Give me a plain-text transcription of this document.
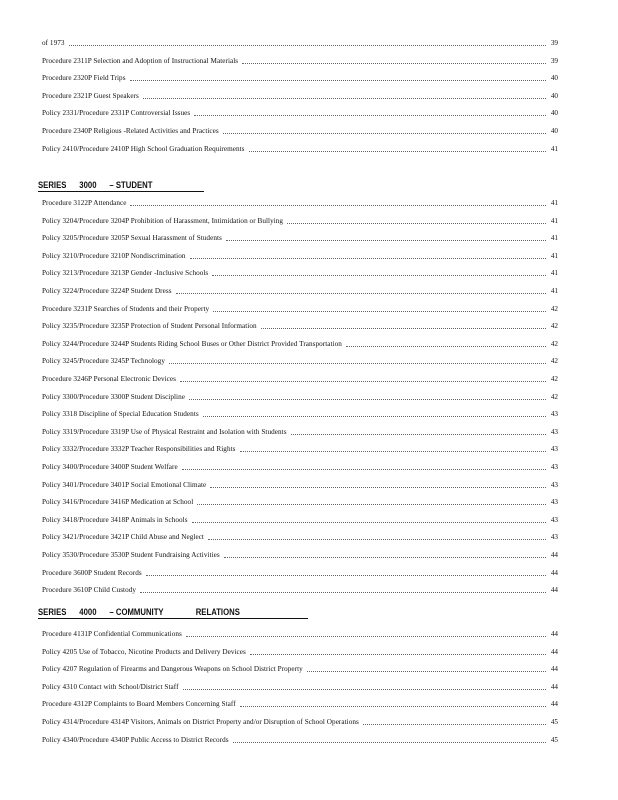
SERIES      3000      – STUDENT
SERIES      4000      – COMMUNITY               RELATIONS
of 1973	39
Procedure 2311P Selection and Adoption of Instructional Materials	39
Procedure 2320P Field Trips	40
Procedure 2321P Guest Speakers	40
Policy 2331/Procedure 2331P Controversial Issues	40
Procedure 2340P Religious -Related Activities and Practices	40
Policy 2410/Procedure 2410P High School Graduation Requirements	41
Procedure 3122P Attendance	41
Policy 3204/Procedure 3204P Prohibition of Harassment, Intimidation or Bullying	41
Policy 3205/Procedure 3205P Sexual Harassment of Students	41
Policy 3210/Procedure 3210P Nondiscrimination	41
Policy 3213/Procedure 3213P Gender -Inclusive Schools	41
Policy 3224/Procedure 3224P Student Dress	41
Procedure 3231P Searches of Students and their Property	42
Policy 3235/Procedure 3235P Protection of Student Personal Information	42
Policy 3244/Procedure 3244P Students Riding School Buses or Other District Provided Transportation	42
Policy 3245/Procedure 3245P Technology	42
Procedure 3246P Personal Electronic Devices	42
Policy 3300/Procedure 3300P Student Discipline	42
Policy 3318 Discipline of Special Education Students	43
Policy 3319/Procedure 3319P Use of Physical Restraint and Isolation with Students	43
Policy 3332/Procedure 3332P Teacher Responsibilities and Rights	43
Policy 3400/Procedure 3400P Student Welfare	43
Policy 3401/Procedure 3401P Social Emotional Climate	43
Policy 3416/Procedure 3416P Medication at School	43
Policy 3418/Procedure 3418P Animals in Schools	43
Policy 3421/Procedure 3421P Child Abuse and Neglect	43
Policy 3530/Procedure 3530P Student Fundraising Activities	44
Procedure 3600P Student Records	44
Procedure 3610P Child Custody	44
Procedure 4131P Confidential Communications	44
Policy 4205 Use of Tobacco, Nicotine Products and Delivery Devices	44
Policy 4207 Regulation of Firearms and Dangerous Weapons on School District Property	44
Policy 4310 Contact with School/District Staff	44
Procedure 4312P Complaints to Board Members Concerning Staff	44
Policy 4314/Procedure 4314P Visitors, Animals on District Property and/or Disruption of School Operations	45
Policy 4340/Procedure 4340P Public Access to District Records	45
